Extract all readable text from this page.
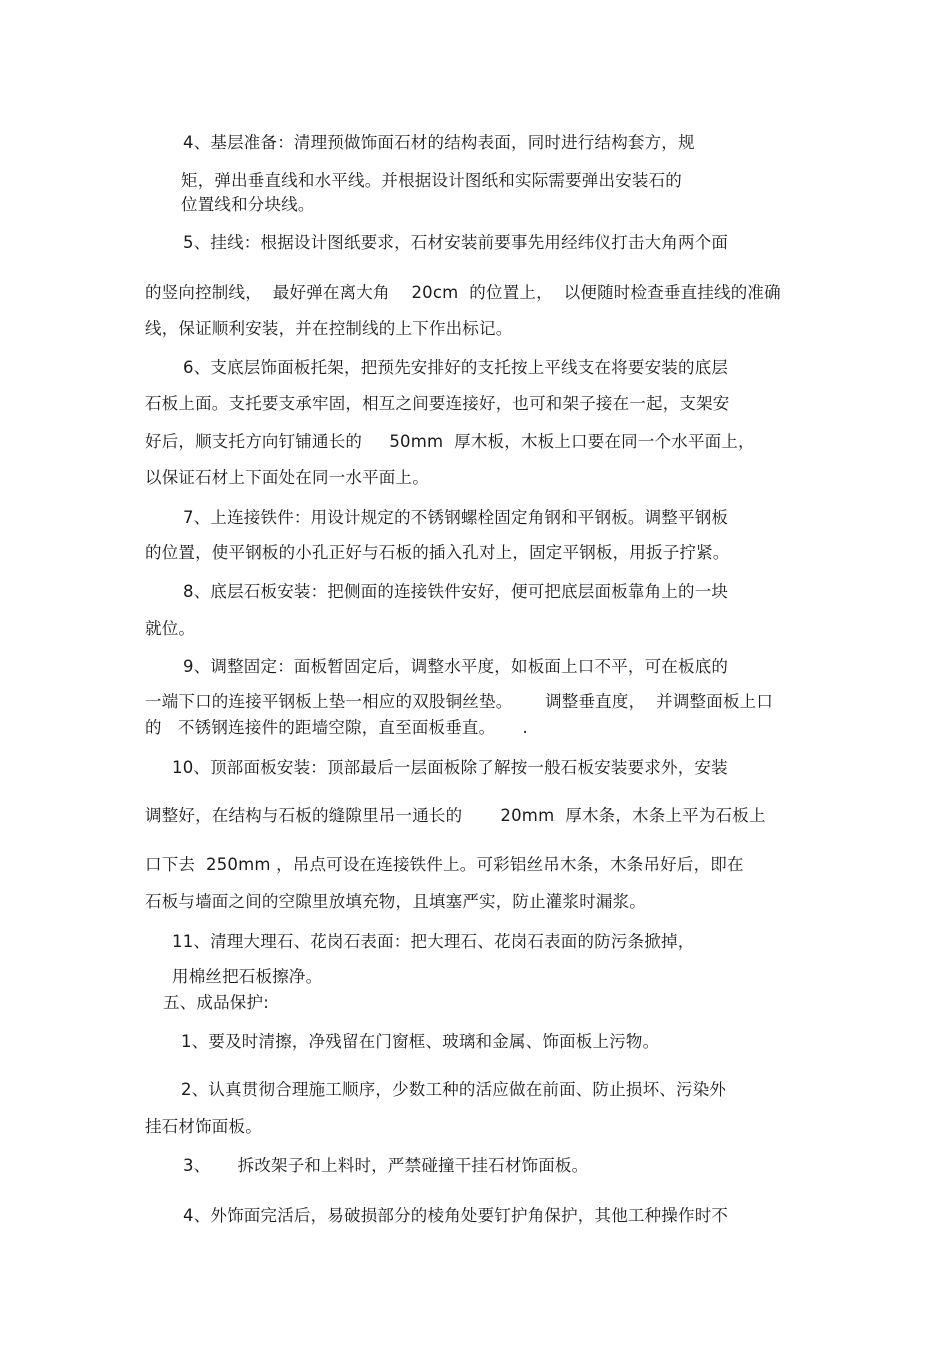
4、基层准备：清理预做饰面石材的结构表面，同时进行结构套方，规
矩，弹出垂直线和水平线。并根据设计图纸和实际需要弹出安装石的
位置线和分块线。
5、挂线：根据设计图纸要求，石材安装前要事先用经纬仪打击大角两个面
的竖向控制线，  最好弹在离大角    20cm  的位置上，  以便随时检查垂直挂线的准确
线，保证顺利安装，并在控制线的上下作出标记。
6、支底层饰面板托架，把预先安排好的支托按上平线支在将要安装的底层
石板上面。支托要支承牢固，相互之间要连接好，也可和架子接在一起，支架安
好后，顺支托方向钉铺通长的     50mm  厚木板，木板上口要在同一个水平面上，
以保证石材上下面处在同一水平面上。
7、上连接铁件：用设计规定的不锈钢螺栓固定角钢和平钢板。调整平钢板
的位置，使平钢板的小孔正好与石板的插入孔对上，固定平钢板，用扳子拧紧。
8、底层石板安装：把侧面的连接铁件安好，便可把底层面板靠角上的一块
就位。
9、调整固定：面板暂固定后，调整水平度，如板面上口不平，可在板底的
一端下口的连接平钢板上垫一相应的双股铜丝垫。      调整垂直度，  并调整面板上口
的   不锈钢连接件的距墙空隙，直至面板垂直。     .
10、顶部面板安装：顶部最后一层面板除了解按一般石板安装要求外，安装
调整好，在结构与石板的缝隙里吊一通长的       20mm  厚木条，木条上平为石板上
口下去  250mm ，吊点可设在连接铁件上。可彩铝丝吊木条，木条吊好后，即在
石板与墙面之间的空隙里放填充物，且填塞严实，防止灌浆时漏浆。
11、清理大理石、花岗石表面：把大理石、花岗石表面的防污条掀掉，
用棉丝把石板擦净。
五、成品保护:
1、要及时清擦，净残留在门窗框、玻璃和金属、饰面板上污物。
2、认真贯彻合理施工顺序，少数工种的活应做在前面、防止损坏、污染外
挂石材饰面板。
3、     拆改架子和上料时，严禁碰撞干挂石材饰面板。
4、外饰面完活后，易破损部分的棱角处要钉护角保护，其他工种操作时不
